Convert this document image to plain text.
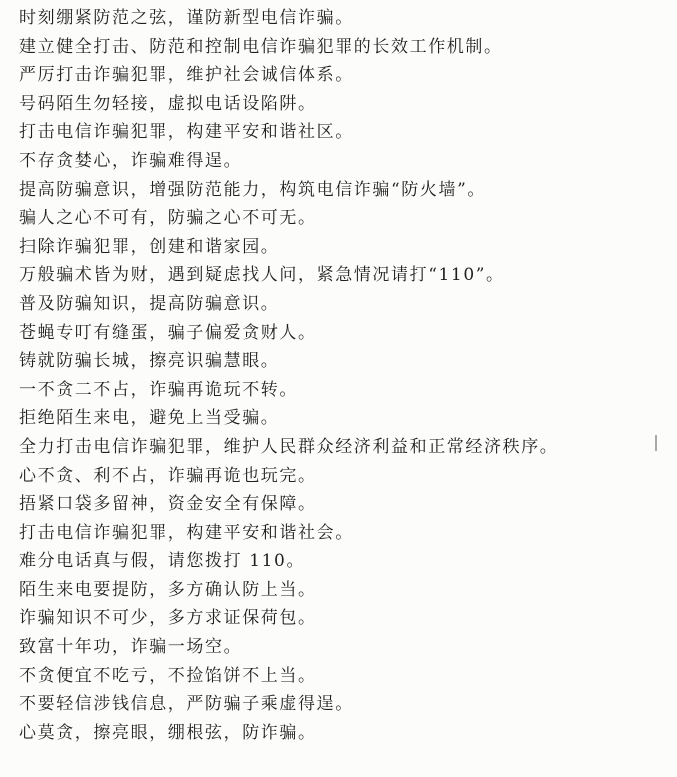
时刻绷紧防范之弦，谨防新型电信诈骗。
建立健全打击、防范和控制电信诈骗犯罪的长效工作机制。
严厉打击诈骗犯罪，维护社会诚信体系。
号码陌生勿轻接，虚拟电话设陷阱。
打击电信诈骗犯罪，构建平安和谐社区。
不存贪婪心，诈骗难得逞。
提高防骗意识，增强防范能力，构筑电信诈骗“防火墙”。
骗人之心不可有，防骗之心不可无。
扫除诈骗犯罪，创建和谐家园。
万般骗术皆为财，遇到疑虑找人问，紧急情况请打“110”。
普及防骗知识，提高防骗意识。
苍蝇专叮有缝蛋，骗子偏爱贪财人。
铸就防骗长城，擦亮识骗慧眼。
一不贪二不占，诈骗再诡玩不转。
拒绝陌生来电，避免上当受骗。
全力打击电信诈骗犯罪，维护人民群众经济利益和正常经济秩序。
心不贪、利不占，诈骗再诡也玩完。
捂紧口袋多留神，资金安全有保障。
打击电信诈骗犯罪，构建平安和谐社会。
难分电话真与假，请您拨打 110。
陌生来电要提防，多方确认防上当。
诈骗知识不可少，多方求证保荷包。
致富十年功，诈骗一场空。
不贪便宜不吃亏，不捡馅饼不上当。
不要轻信涉钱信息，严防骗子乘虚得逞。
心莫贪，擦亮眼，绷根弦，防诈骗。
